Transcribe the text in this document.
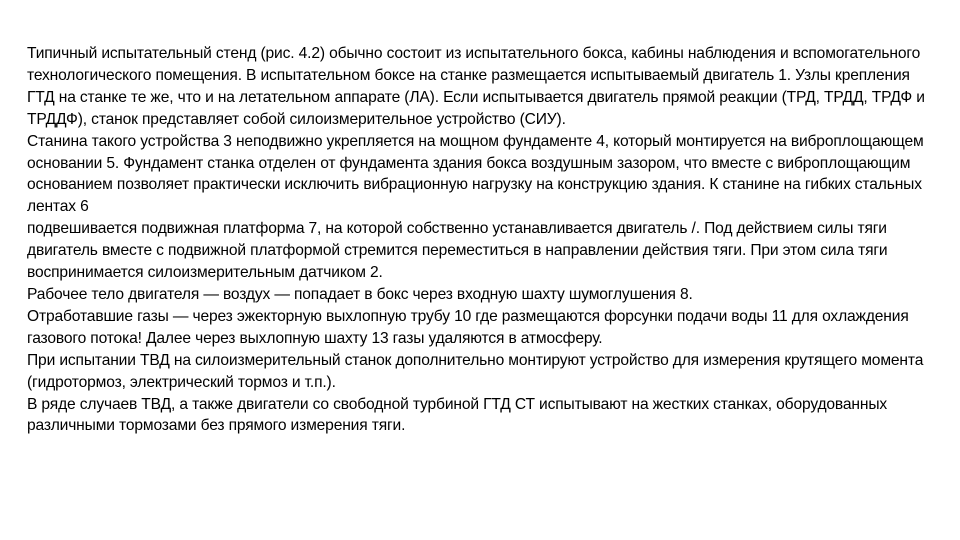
Типичный испытательный стенд (рис. 4.2) обычно состоит из испытательного бокса, кабины наблюдения и вспомогательного технологического помещения. В испытательном боксе на станке размещается испытываемый двигатель 1. Узлы крепления ГТД на станке те же, что и на летательном аппарате (ЛА). Если испытывается двигатель прямой реакции (ТРД, ТРДД, ТРДФ и ТРДДФ), станок представляет собой силоизмерительное устройство (СИУ).

Станина такого устройства 3 неподвижно укрепляется на мощном фундаменте 4, который монтируется на виброплощающем основании 5. Фундамент станка отделен от фундамента здания бокса воздушным зазором, что вместе с виброплощающим основанием позволяет практически исключить вибрационную нагрузку на конструкцию здания. К станине на гибких стальных лентах 6

подвешивается подвижная платформа 7, на которой собственно устанавливается двигатель /. Под действием силы тяги двигатель вместе с подвижной платформой стремится переместиться в направлении действия тяги. При этом сила тяги воспринимается силоизмерительным датчиком 2.

Рабочее тело двигателя — воздух — попадает в бокс через входную шахту шумоглушения 8.

Отработавшие газы — через эжекторную выхлопную трубу 10 где размещаются форсунки подачи воды 11 для охлаждения газового потока! Далее через выхлопную шахту 13 газы удаляются в атмосферу.

При испытании ТВД на силоизмерительный станок дополнительно монтируют устройство для измерения крутящего момента (гидротормоз, электрический тормоз и т.п.).

В ряде случаев ТВД, а также двигатели со свободной турбиной ГТД СТ испытывают на жестких станках, оборудованных различными тормозами без прямого измерения тяги.
